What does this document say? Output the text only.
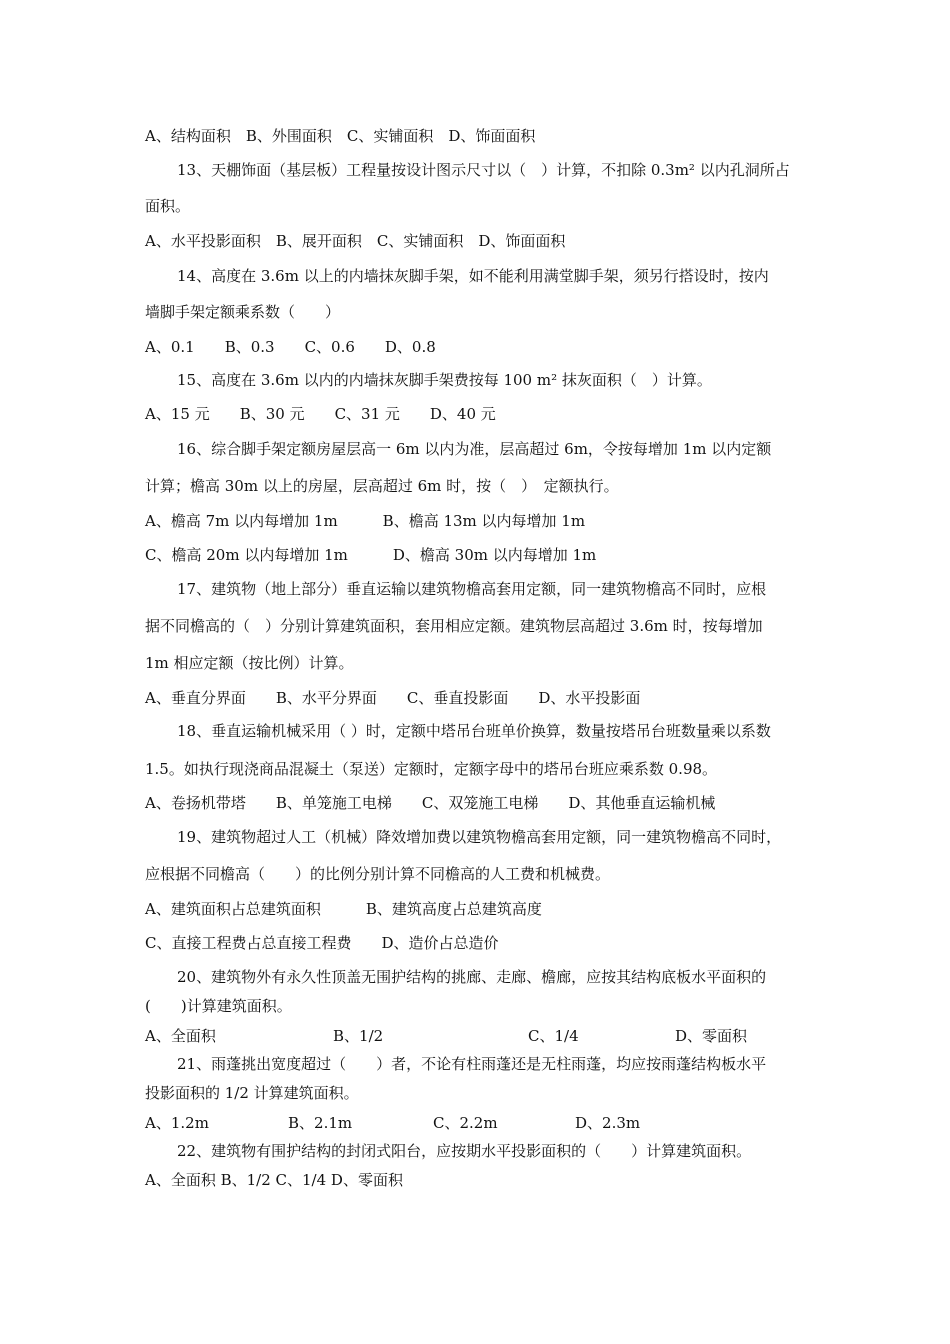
A、结构面积　B、外围面积　C、实铺面积　D、饰面面积
13、天棚饰面（基层板）工程量按设计图示尺寸以（　）计算，不扣除 0.3m² 以内孔洞所占
面积。
A、水平投影面积　B、展开面积　C、实铺面积　D、饰面面积
14、高度在 3.6m 以上的内墙抹灰脚手架，如不能利用满堂脚手架，须另行搭设时，按内
墙脚手架定额乘系数（　　）
A、0.1　　B、0.3　　C、0.6　　D、0.8
15、高度在 3.6m 以内的内墙抹灰脚手架费按每 100 m² 抹灰面积（　）计算。
A、15 元　　B、30 元　　C、31 元　　D、40 元
16、综合脚手架定额房屋层高一 6m 以内为准，层高超过 6m，令按每增加 1m 以内定额
计算；檐高 30m 以上的房屋，层高超过 6m 时，按（　）　定额执行。
A、檐高 7m 以内每增加 1m　　　B、檐高 13m 以内每增加 1m
C、檐高 20m 以内每增加 1m　　　D、檐高 30m 以内每增加 1m
17、建筑物（地上部分）垂直运输以建筑物檐高套用定额，同一建筑物檐高不同时，应根
据不同檐高的（　）分别计算建筑面积，套用相应定额。建筑物层高超过 3.6m 时，按每增加
1m 相应定额（按比例）计算。
A、垂直分界面　　B、水平分界面　　C、垂直投影面　　D、水平投影面
18、垂直运输机械采用（ ）时，定额中塔吊台班单价换算，数量按塔吊台班数量乘以系数
1.5。如执行现浇商品混凝土（泵送）定额时，定额字母中的塔吊台班应乘系数 0.98。
A、卷扬机带塔　　B、单笼施工电梯　　C、双笼施工电梯　　D、其他垂直运输机械
19、建筑物超过人工（机械）降效增加费以建筑物檐高套用定额，同一建筑物檐高不同时，
应根据不同檐高（　　）的比例分别计算不同檐高的人工费和机械费。
A、建筑面积占总建筑面积　　　B、建筑高度占总建筑高度
C、直接工程费占总直接工程费　　D、造价占总造价
20、建筑物外有永久性顶盖无围护结构的挑廊、走廊、檐廊，应按其结构底板水平面积的
(　　)计算建筑面积。
A、全面积	B、1/2	C、1/4	D、零面积
21、雨蓬挑出宽度超过（　　）者，不论有柱雨蓬还是无柱雨蓬，均应按雨蓬结构板水平
投影面积的 1/2 计算建筑面积。
A、1.2m	B、2.1m	C、2.2m	D、2.3m
22、建筑物有围护结构的封闭式阳台，应按期水平投影面积的（　　）计算建筑面积。
A、全面积 B、1/2 C、1/4 D、零面积
